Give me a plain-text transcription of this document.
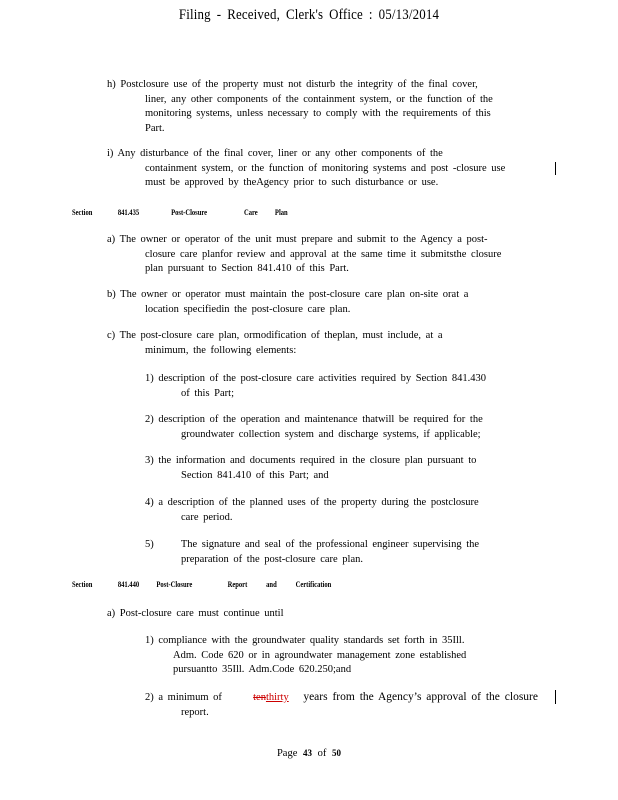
Filing - Received, Clerk's Office : 05/13/2014
h) Postclosure use of the property must not disturb the integrity of the final cover,
liner, any other components of the containment system, or the function of the
monitoring systems, unless necessary to comply with the requirements of this
Part.
i) Any disturbance of the final cover, liner or any other components of the
containment system, or the function of monitoring systems and post -closure use
must be approved by theAgency prior to such disturbance or use.
Section	841.435	Post-Closure	Care Plan
a) The owner or operator of the unit must prepare and submit to the Agency a post-
closure care planfor review and approval at the same time it submitsthe closure
plan pursuant to Section 841.410 of this Part.
b) The owner or operator must maintain the post-closure care plan on-site orat a
location specifiedin the post-closure care plan.
c) The post-closure care plan, ormodification of theplan, must include, at a
minimum, the following elements:
1) description of the post-closure care activities required by Section 841.430
of this Part;
2) description of the operation and maintenance thatwill be required for the
groundwater collection system and discharge systems, if applicable;
3) the information and documents required in the closure plan pursuant to
Section 841.410 of this Part; and
4) a description of the planned uses of the property during the postclosure
care period.
5)	The signature and seal of the professional engineer supervising the
preparation of the post-closure care plan.
Section	841.440 Post-Closure	Report and Certification
a) Post-closure care must continue until
1) compliance with the groundwater quality standards set forth in 35Ill.
Adm. Code 620 or in agroundwater management zone established
pursuantto 35Ill. Adm.Code 620.250;and
2) a minimum of	tenthirty years from the Agency’s approval of the closure
report.
Page 43 of 50
